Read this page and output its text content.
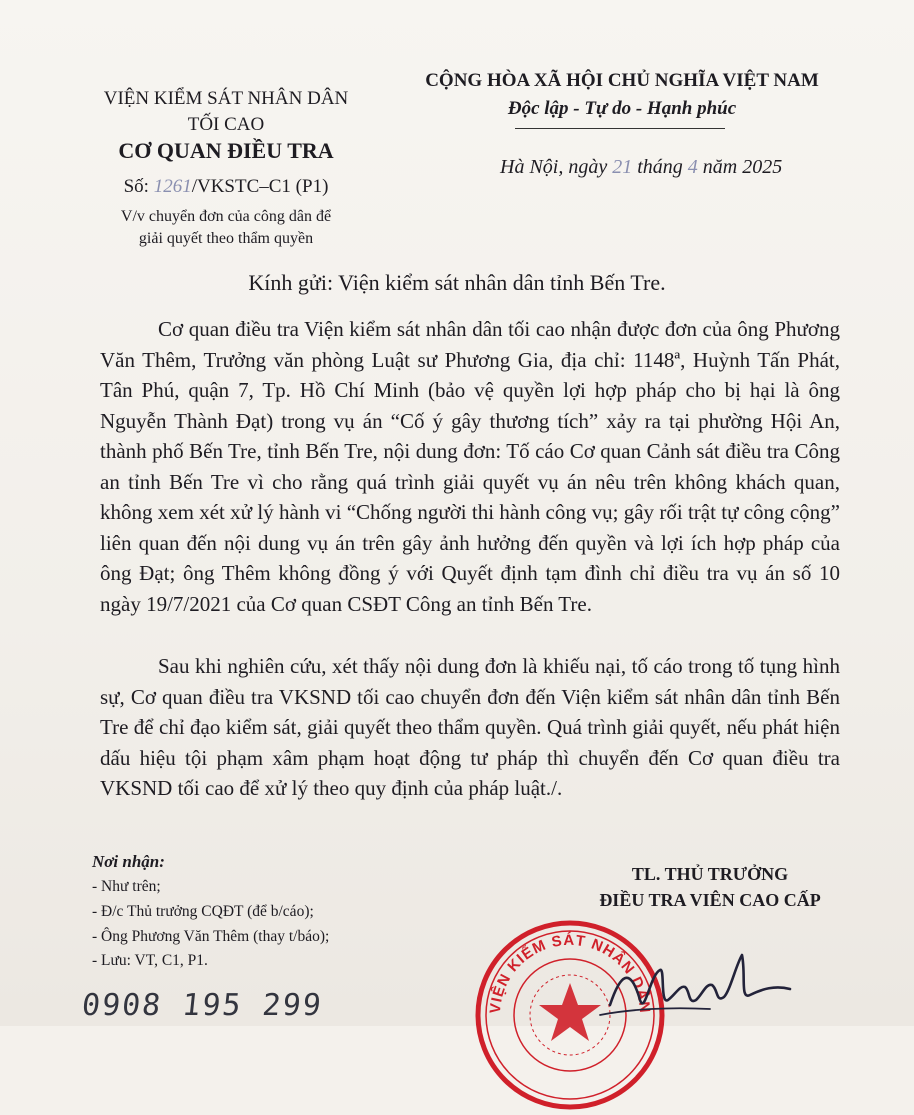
VIỆN KIỂM SÁT NHÂN DÂN
TỐI CAO
CƠ QUAN ĐIỀU TRA
Số: 1261/VKSTC–C1 (P1)
V/v chuyển đơn của công dân để
giải quyết theo thẩm quyền
CỘNG HÒA XÃ HỘI CHỦ NGHĨA VIỆT NAM
Độc lập - Tự do - Hạnh phúc
Hà Nội, ngày 21 tháng 4 năm 2025
Kính gửi: Viện kiểm sát nhân dân tỉnh Bến Tre.
Cơ quan điều tra Viện kiểm sát nhân dân tối cao nhận được đơn của ông Phương Văn Thêm, Trưởng văn phòng Luật sư Phương Gia, địa chỉ: 1148ª, Huỳnh Tấn Phát, Tân Phú, quận 7, Tp. Hồ Chí Minh (bảo vệ quyền lợi hợp pháp cho bị hại là ông Nguyễn Thành Đạt) trong vụ án “Cố ý gây thương tích” xảy ra tại phường Hội An, thành phố Bến Tre, tỉnh Bến Tre, nội dung đơn: Tố cáo Cơ quan Cảnh sát điều tra Công an tỉnh Bến Tre vì cho rằng quá trình giải quyết vụ án nêu trên không khách quan, không xem xét xử lý hành vi “Chống người thi hành công vụ; gây rối trật tự công cộng” liên quan đến nội dung vụ án trên gây ảnh hưởng đến quyền và lợi ích hợp pháp của ông Đạt; ông Thêm không đồng ý với Quyết định tạm đình chỉ điều tra vụ án số 10 ngày 19/7/2021 của Cơ quan CSĐT Công an tỉnh Bến Tre.
Sau khi nghiên cứu, xét thấy nội dung đơn là khiếu nại, tố cáo trong tố tụng hình sự, Cơ quan điều tra VKSND tối cao chuyển đơn đến Viện kiểm sát nhân dân tỉnh Bến Tre để chỉ đạo kiểm sát, giải quyết theo thẩm quyền. Quá trình giải quyết, nếu phát hiện dấu hiệu tội phạm xâm phạm hoạt động tư pháp thì chuyển đến Cơ quan điều tra VKSND tối cao để xử lý theo quy định của pháp luật./.
Nơi nhận:
- Như trên;
- Đ/c Thủ trưởng CQĐT (để b/cáo);
- Ông Phương Văn Thêm (thay t/báo);
- Lưu: VT, C1, P1.
TL. THỦ TRƯỞNG
ĐIỀU TRA VIÊN CAO CẤP
VIỆN KIỂM SÁT NHÂN DÂN
0908 195 299
